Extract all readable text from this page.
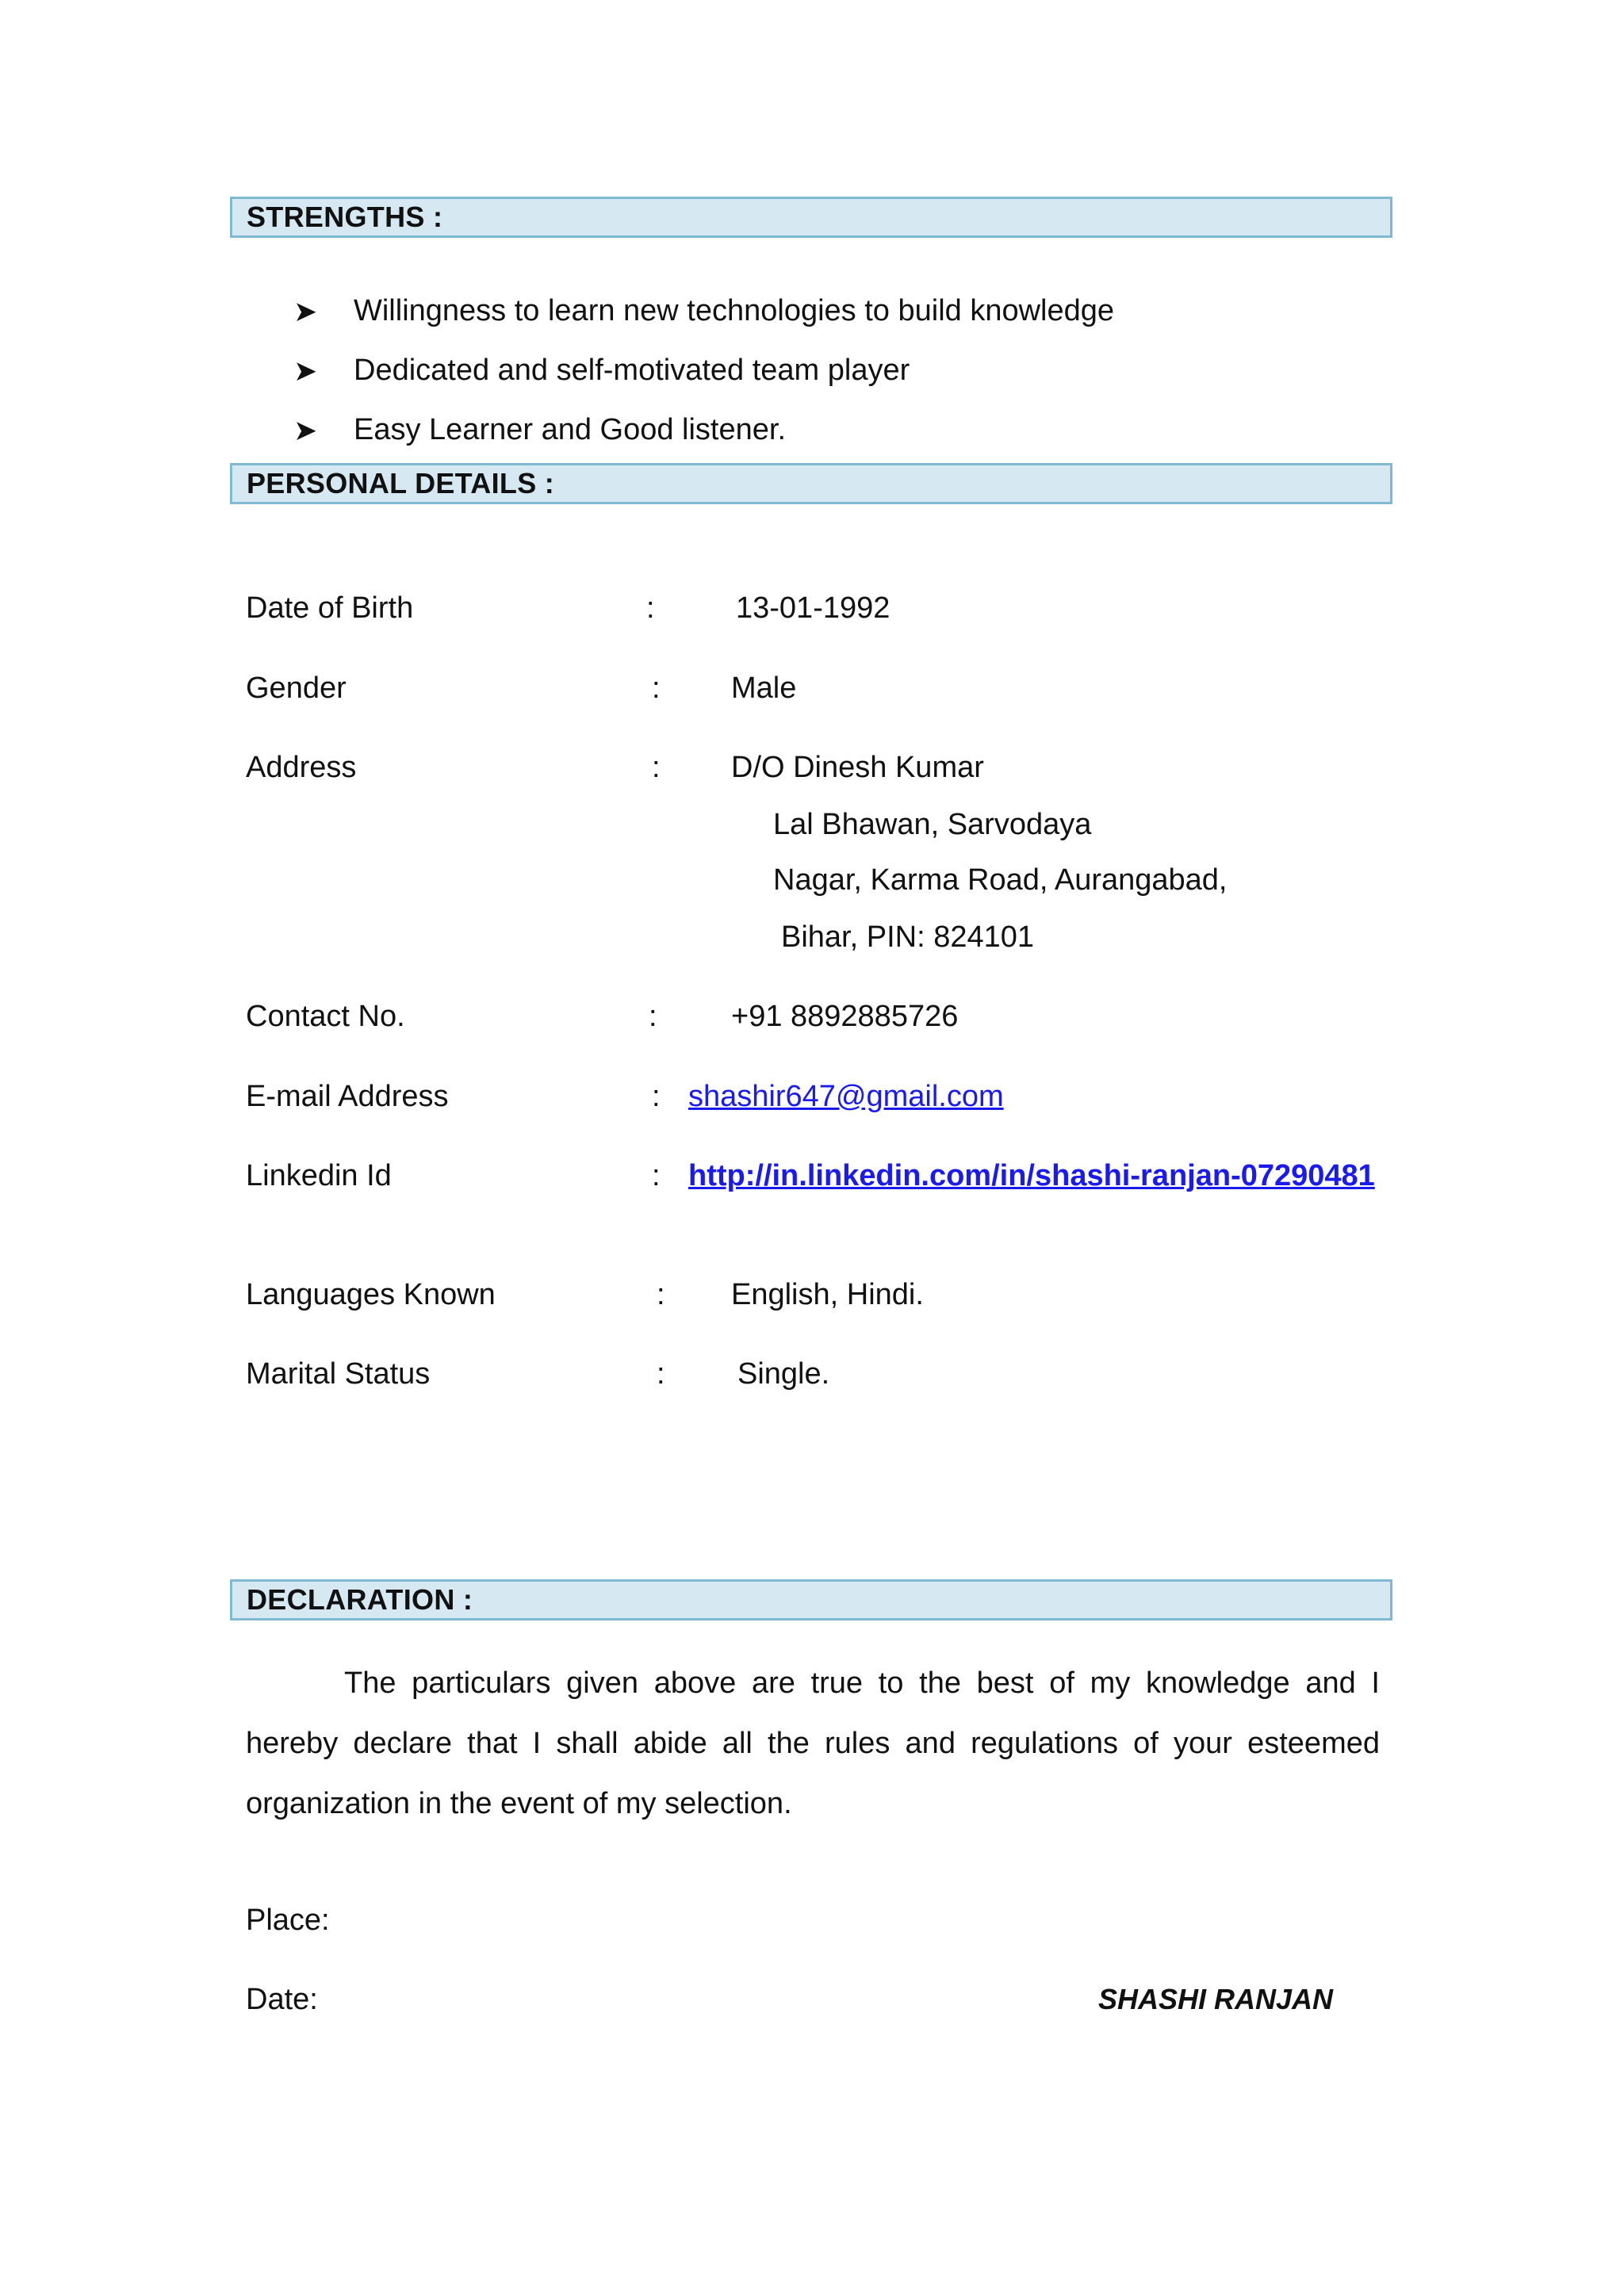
STRENGTHS :
➤	Willingness to learn new technologies to build knowledge
➤	Dedicated and self-motivated team player
➤	Easy Learner and Good listener.
PERSONAL DETAILS :
Date of Birth	:	13-01-1992
Gender	: Male
Address	: D/O Dinesh Kumar
Lal Bhawan, Sarvodaya
Nagar, Karma Road, Aurangabad,
Bihar, PIN: 824101
Contact No.	: +91 8892885726
E-mail Address	: shashir647@gmail.com
Linkedin Id	: http://in.linkedin.com/in/shashi-ranjan-07290481
Languages Known	: English, Hindi.
Marital Status	: Single.
DECLARATION :
The particulars given above are true to the best of my knowledge and I hereby declare that I shall abide all the rules and regulations of your esteemed organization in the event of my selection.
Place:
Date:	SHASHI RANJAN
